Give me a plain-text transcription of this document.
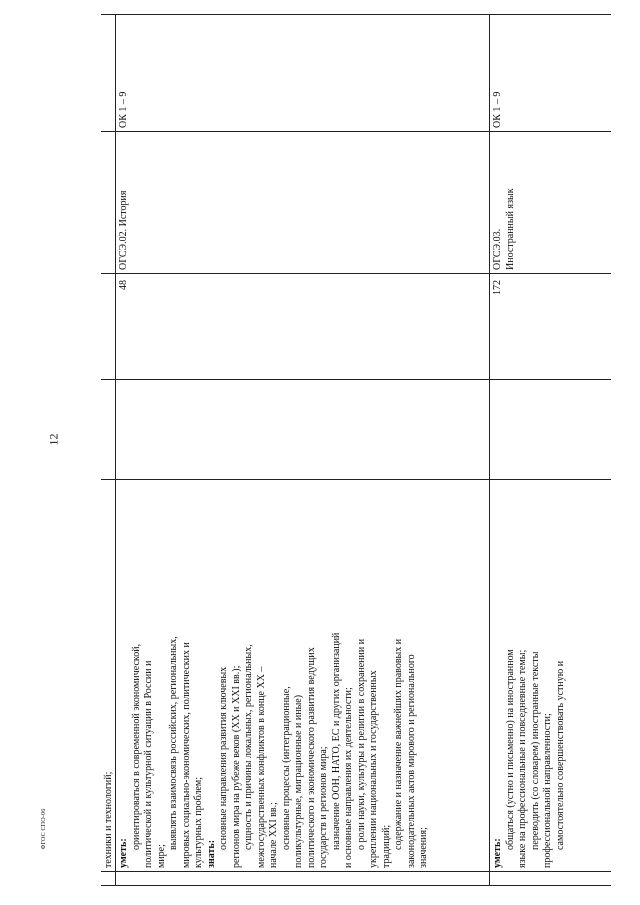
12
ФГОС СПО-06	техники и технологий; уметь:
ориентироваться в современной экономической, политической и культурной ситуации в России и мире;
выявлять взаимосвязь российских, региональных, мировых социально-экономических, политических и культурных проблем; знать:
основные направления развития ключевых регионов мира на рубеже веков (XX и XXI вв.); сущность и причины локальных, региональных, межгосударственных конфликтов в конце XX – начале XXI вв.; основные процессы (интеграционные, поликультурные, миграционные и иные) политического и экономического развития ведущих государств и регионов мира; назначение ООН, НАТО, ЕС и других организаций и основные направления их деятельности; о роли науки, культуры и религии в сохранении и укреплении национальных и государственных традиций; содержание и назначение важнейших правовых и законодательных актов мирового и регионального значения;
48
ОГСЭ.02. История
ОК 1 – 9
уметь:
общаться (устно и письменно) на иностранном языке на профессиональные и повседневные темы; переводить (со словарем) иностранные тексты профессиональной направленности; самостоятельно совершенствовать устную и
172
ОГСЭ.03. Иностранный язык
ОК 1 – 9
